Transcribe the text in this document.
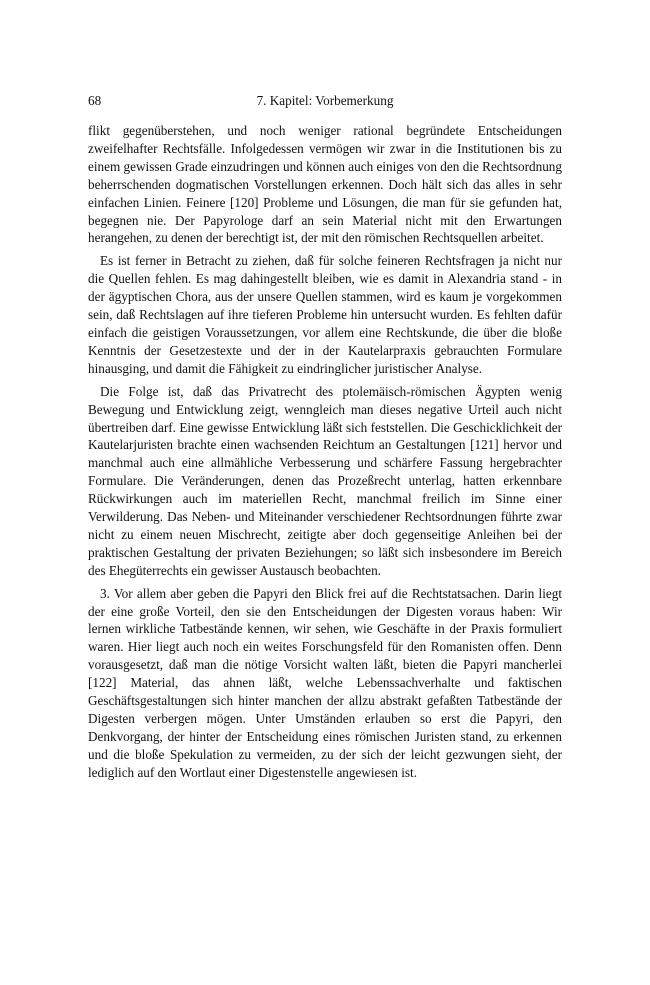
68	7. Kapitel: Vorbemerkung

flikt gegenüberstehen, und noch weniger rational begründete Entscheidungen zweifelhafter Rechtsfälle. Infolgedessen vermögen wir zwar in die Institutionen bis zu einem gewissen Grade einzudringen und können auch einiges von den die Rechtsordnung beherrschenden dogmatischen Vorstellungen erkennen. Doch hält sich das alles in sehr einfachen Linien. Feinere [120] Probleme und Lösungen, die man für sie gefunden hat, begegnen nie. Der Papyrologe darf an sein Material nicht mit den Erwartungen herangehen, zu denen der berechtigt ist, der mit den römischen Rechtsquellen arbeitet.

Es ist ferner in Betracht zu ziehen, daß für solche feineren Rechtsfragen ja nicht nur die Quellen fehlen. Es mag dahingestellt bleiben, wie es damit in Alexandria stand - in der ägyptischen Chora, aus der unsere Quellen stammen, wird es kaum je vorgekommen sein, daß Rechtslagen auf ihre tieferen Probleme hin untersucht wurden. Es fehlten dafür einfach die geistigen Voraussetzungen, vor allem eine Rechtskunde, die über die bloße Kenntnis der Gesetzestexte und der in der Kautelarpraxis gebrauchten Formulare hinausging, und damit die Fähigkeit zu eindringlicher juristischer Analyse.

Die Folge ist, daß das Privatrecht des ptolemäisch-römischen Ägypten wenig Bewegung und Entwicklung zeigt, wenngleich man dieses negative Urteil auch nicht übertreiben darf. Eine gewisse Entwicklung läßt sich feststellen. Die Geschicklichkeit der Kautelarjuristen brachte einen wachsenden Reichtum an Gestaltungen [121] hervor und manchmal auch eine allmähliche Verbesserung und schärfere Fassung hergebrachter Formulare. Die Veränderungen, denen das Prozeßrecht unterlag, hatten erkennbare Rückwirkungen auch im materiellen Recht, manchmal freilich im Sinne einer Verwilderung. Das Neben- und Miteinander verschiedener Rechtsordnungen führte zwar nicht zu einem neuen Mischrecht, zeitigte aber doch gegenseitige Anleihen bei der praktischen Gestaltung der privaten Beziehungen; so läßt sich insbesondere im Bereich des Ehegüterrechts ein gewisser Austausch beobachten.

3. Vor allem aber geben die Papyri den Blick frei auf die Rechtstatsachen. Darin liegt der eine große Vorteil, den sie den Entscheidungen der Digesten voraus haben: Wir lernen wirkliche Tatbestände kennen, wir sehen, wie Geschäfte in der Praxis formuliert waren. Hier liegt auch noch ein weites Forschungsfeld für den Romanisten offen. Denn vorausgesetzt, daß man die nötige Vorsicht walten läßt, bieten die Papyri mancherlei [122] Material, das ahnen läßt, welche Lebenssachverhalte und faktischen Geschäftsgestaltungen sich hinter manchen der allzu abstrakt gefaßten Tatbestände der Digesten verbergen mögen. Unter Umständen erlauben so erst die Papyri, den Denkvorgang, der hinter der Entscheidung eines römischen Juristen stand, zu erkennen und die bloße Spekulation zu vermeiden, zu der sich der leicht gezwungen sieht, der lediglich auf den Wortlaut einer Digestenstelle angewiesen ist.
